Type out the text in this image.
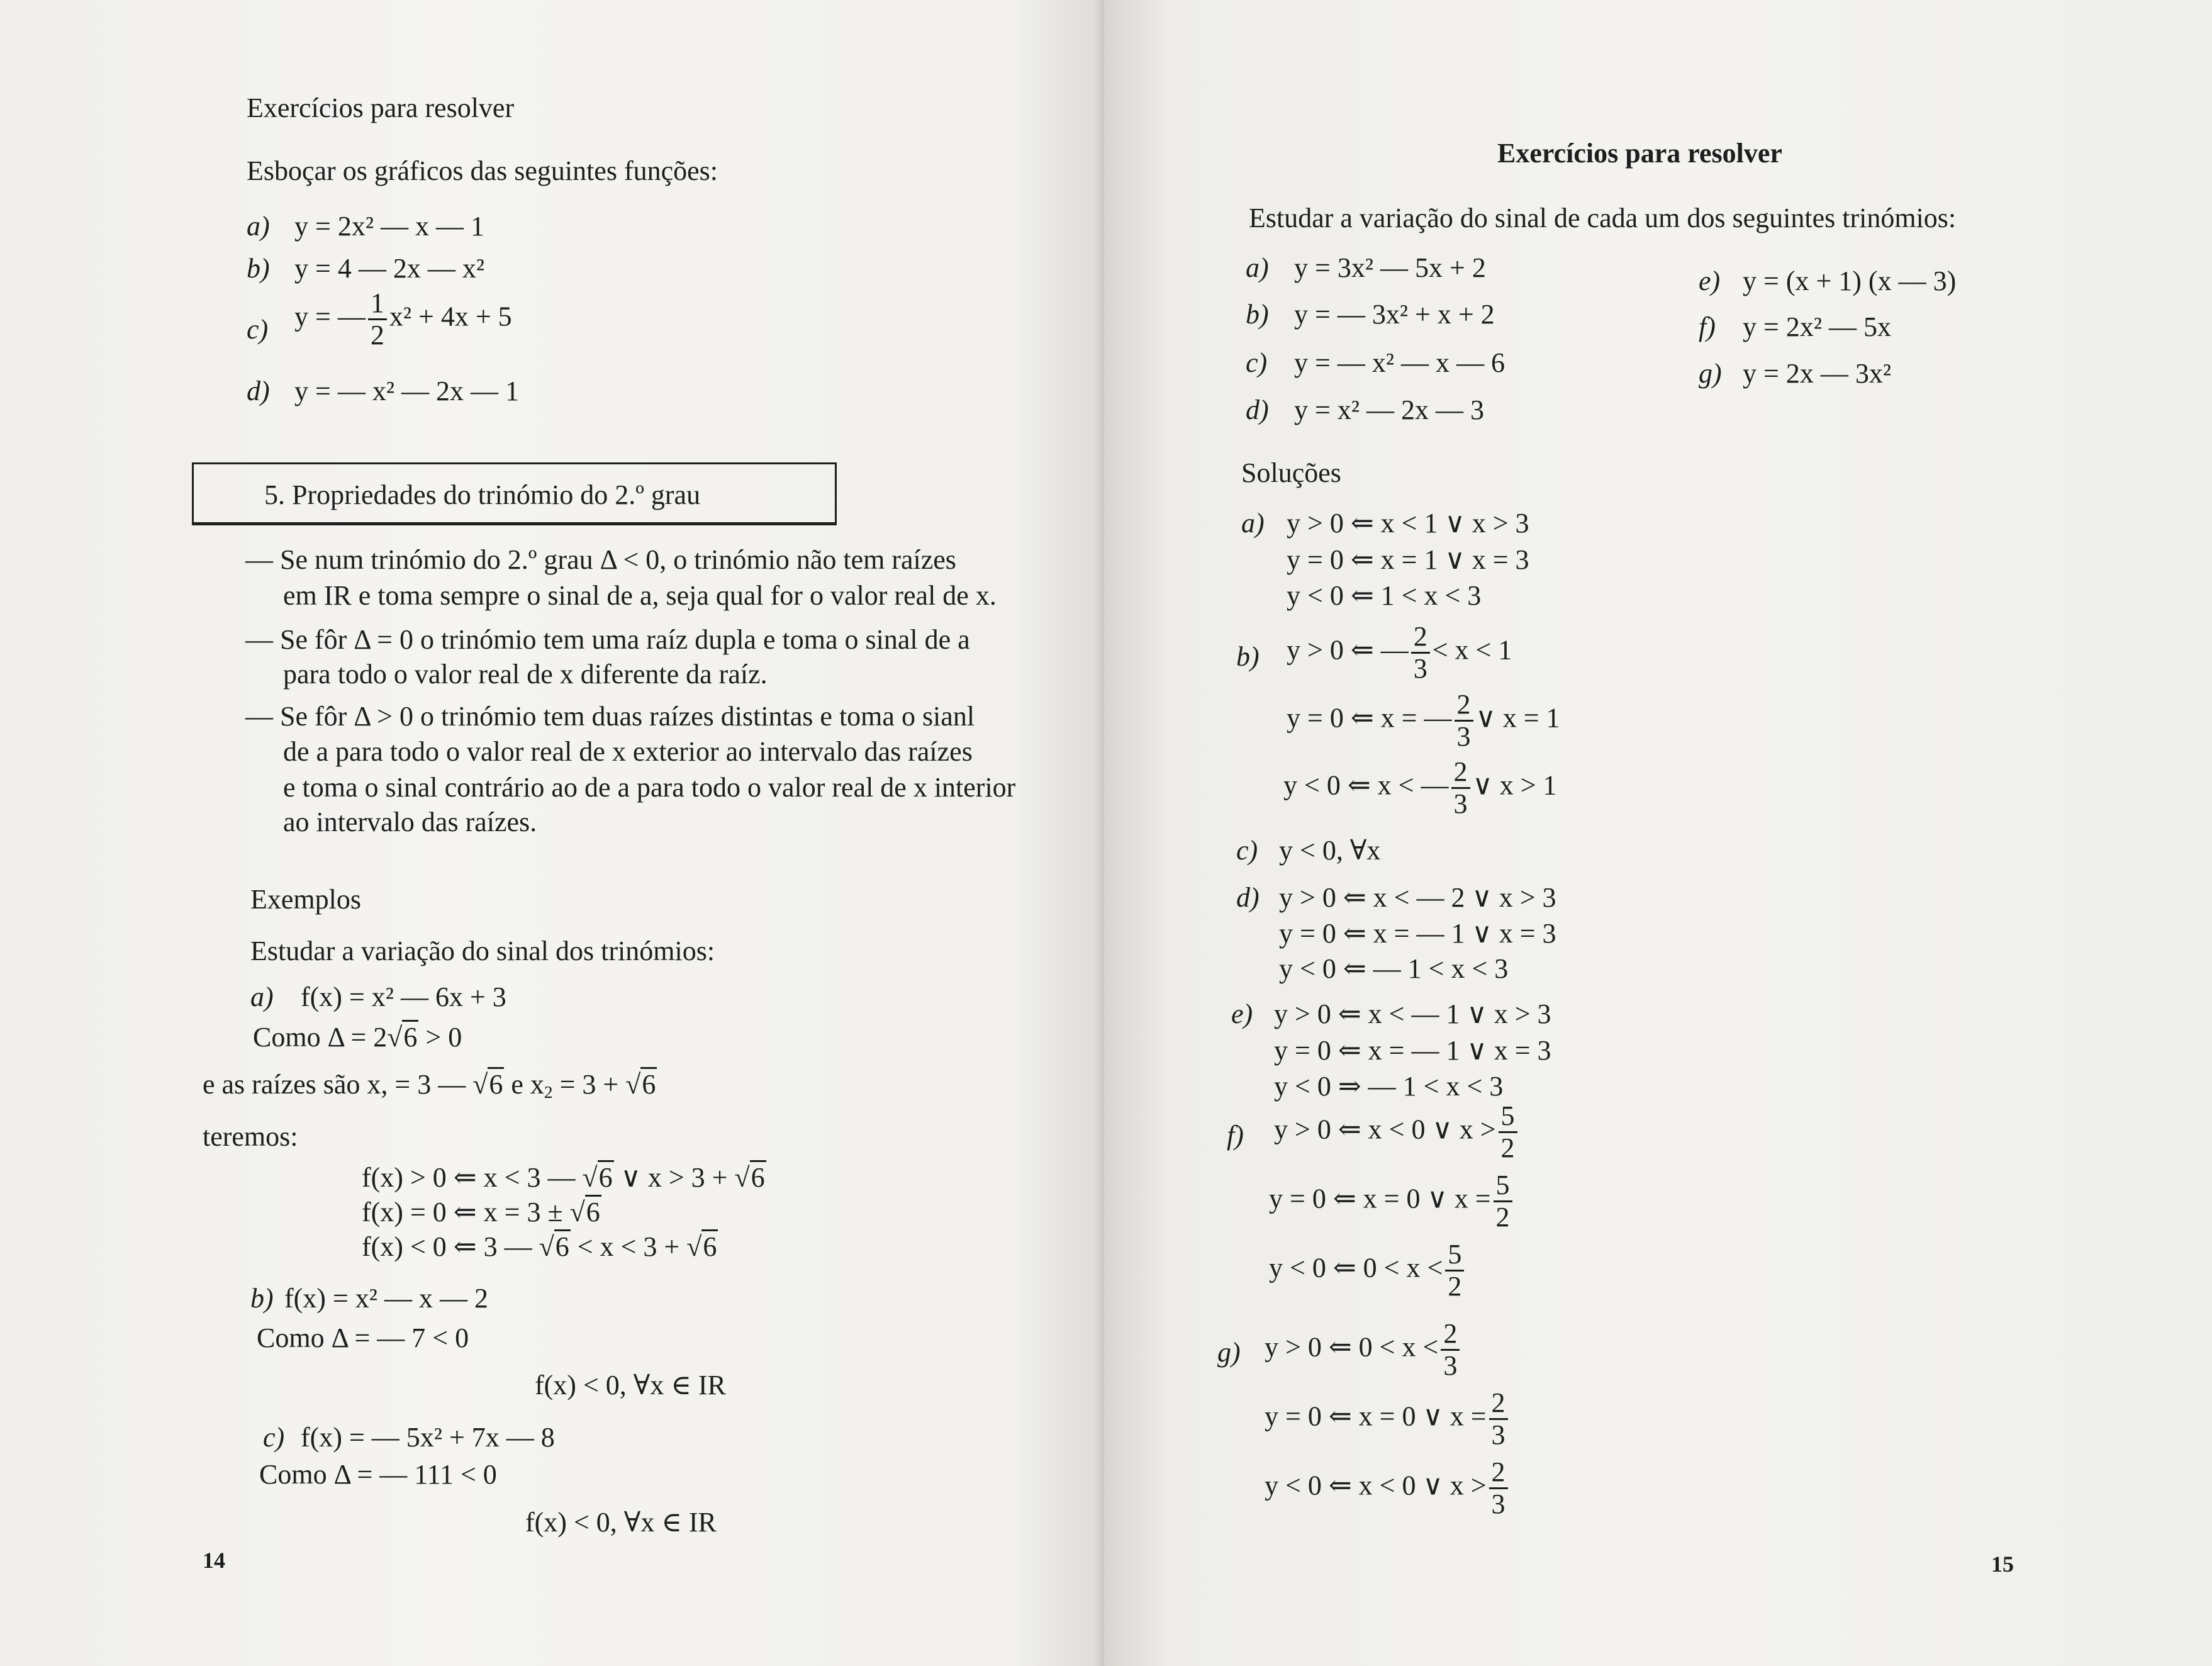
Exercícios para resolver
Esboçar os gráficos das seguintes funções:
a) y = 2x² — x — 1
b) y = 4 — 2x — x²
c) y = — $\frac{1}{2} x^2 + 4x + 5$
d) y = — x² — 2x — 1
5. Propriedades do trinómio do 2.º grau
— Se num trinómio do 2.º grau Δ < 0, o trinómio não tem raízes
em IR e toma sempre o sinal de a, seja qual for o valor real de x.
— Se fôr Δ = 0 o trinómio tem uma raíz dupla e toma o sinal de a
para todo o valor real de x diferente da raíz.
— Se fôr Δ > 0 o trinómio tem duas raízes distintas e toma o sianl
de a para todo o valor real de x exterior ao intervalo das raízes
e toma o sinal contrário ao de a para todo o valor real de x interior
ao intervalo das raízes.
Exemplos
Estudar a variação do sinal dos trinómios:
a) f(x) = x² — 6x + 3
Como Δ = 2√6 > 0
e as raízes são x, = 3 — √6 e $x_2 = 3 + √6$
teremos:
f(x) > 0 ⇐ x < 3 — √6 ∨ x > 3 + √6
f(x) = 0 ⇐ x = 3 ± √6
f(x) < 0 ⇐ 3 — √6 < x < 3 + √6
b) f(x) = x² — x — 2
Como Δ = — 7 < 0
f(x) < 0, ∀x ∈ IR
c) f(x) = — 5x² + 7x — 8
Como Δ = — 111 < 0
f(x) < 0, ∀x ∈ IR
14
Exercícios para resolver
Estudar a variação do sinal de cada um dos seguintes trinómios:
a) y = 3x² — 5x + 2
b) y = — 3x² + x + 2
c) y = — x² — x — 6
d) y = x² — 2x — 3
e) y = (x + 1) (x — 3)
f) y = 2x² — 5x
g) y = 2x — 3x²
Soluções
a) y > 0 ⇐ x < 1 ∨ x > 3
y = 0 ⇐ x = 1 ∨ x = 3
y < 0 ⇐ 1 < x < 3
b) y > 0 ⇐ — $\frac{2}{3} < x < 1$
y = 0 ⇐ x = — $\frac{2}{3}$ ∨ x = 1
y < 0 ⇐ x < — $\frac{2}{3}$ ∨ x > 1
c) y < 0, ∀x
d) y > 0 ⇐ x < — 2 ∨ x > 3
y = 0 ⇐ x = — 1 ∨ x = 3
y < 0 ⇐ — 1 < x < 3
e) y > 0 ⇐ x < — 1 ∨ x > 3
y = 0 ⇐ x = — 1 ∨ x = 3
y < 0 ⇒ — 1 < x < 3
f) y > 0 ⇐ x < 0 ∨ $x > \frac{5}{2}$
y = 0 ⇐ x = 0 ∨ $x = \frac{5}{2}$
y < 0 ⇐ $0 < x < \frac{5}{2}$
g) y > 0 ⇐ $0 < x < \frac{2}{3}$
y = 0 ⇐ x = 0 ∨ $x = \frac{2}{3}$
y < 0 ⇐ x < 0 ∨ $x > \frac{2}{3}$
15
